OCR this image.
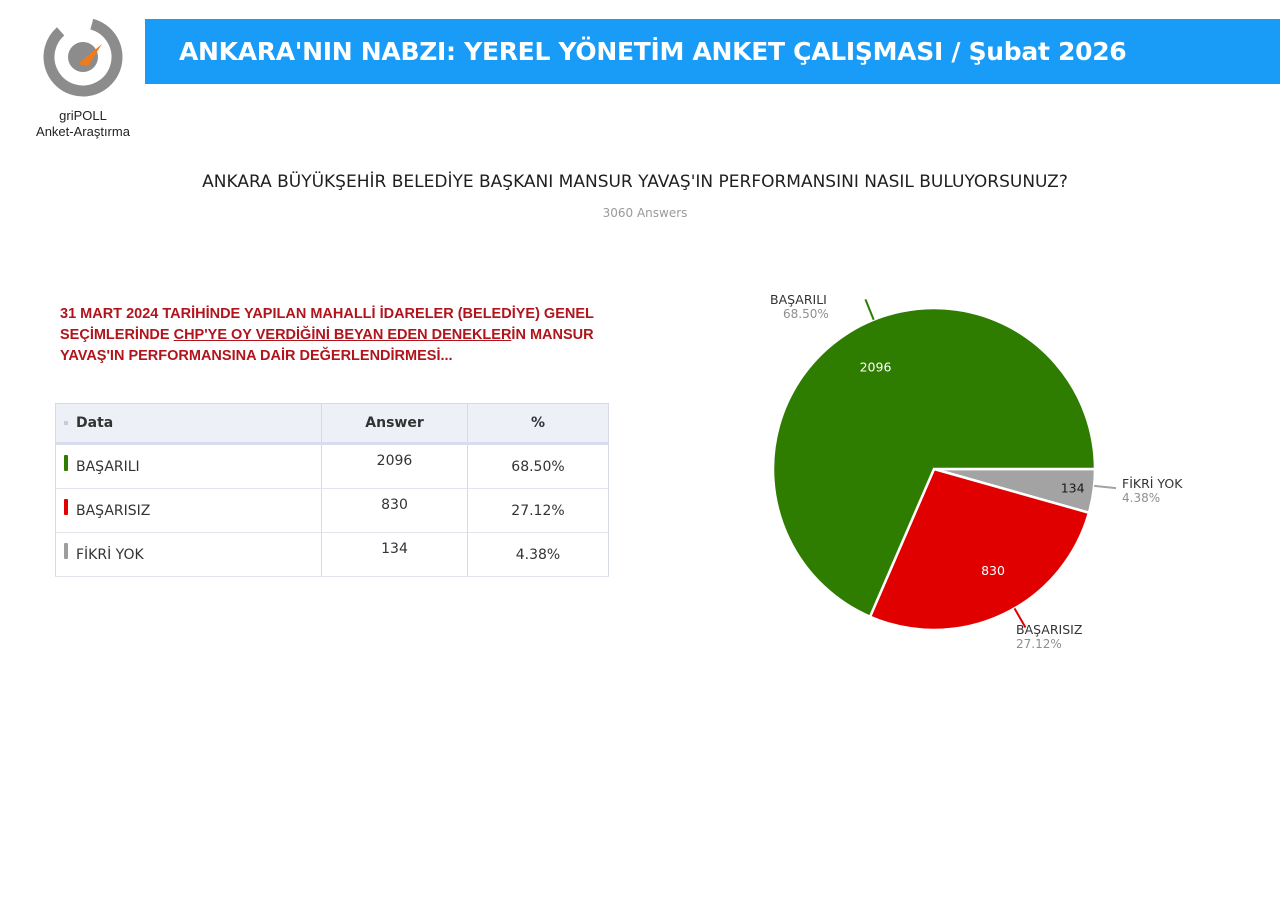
griPOLL
Anket-Araştırma
ANKARA'NIN NABZI: YEREL YÖNETİM ANKET ÇALIŞMASI / Şubat 2026
ANKARA BÜYÜKŞEHİR BELEDİYE BAŞKANI MANSUR YAVAŞ'IN PERFORMANSINI NASIL BULUYORSUNUZ?
3060 Answers
31 MART 2024 TARİHİNDE YAPILAN MAHALLİ İDARELER (BELEDİYE) GENEL SEÇİMLERİNDE CHP'YE OY VERDİĞİNİ BEYAN EDEN DENEKLERİN MANSUR YAVAŞ'IN PERFORMANSINA DAİR DEĞERLENDİRMESİ...
Data	Answer	%

BAŞARILI	2096	68.50%

BAŞARISIZ	830	27.12%

FİKRİ YOK	134	4.38%
134
830
2096
BAŞARILI
68.50%
BAŞARISIZ
27.12%
FİKRİ YOK
4.38%
